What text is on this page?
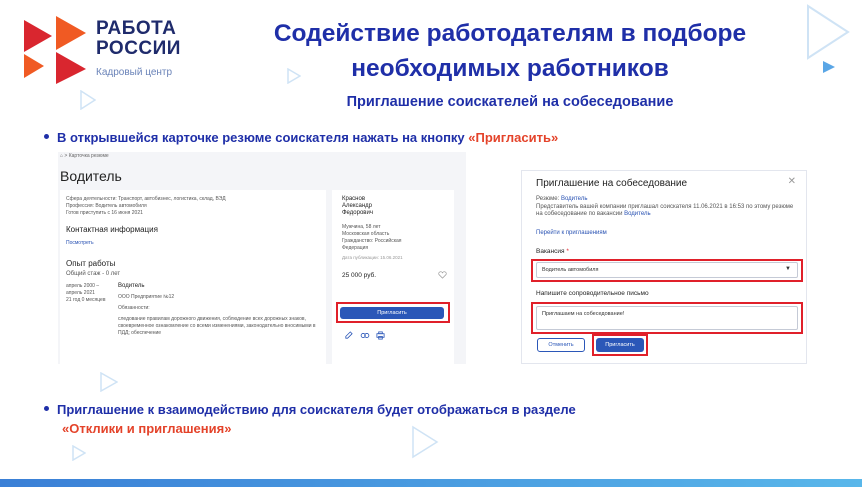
РАБОТА
РОССИИ
Кадровый центр
Содействие работодателям в подборе необходимых работников
Приглашение соискателей на собеседование
В открывшейся карточке резюме соискателя нажать на кнопку «Пригласить»
⌂ > Карточка резюме
Водитель
Сфера деятельности: Транспорт, автобизнес, логистика, склад, ВЭД
Профессия: Водитель автомобиля
Готов приступить с 16 июня 2021
Контактная информация
Посмотреть
Опыт работы
Общий стаж - 0 лет
апрель 2000 – апрель 2021
21 год 0 месяцев
Водитель
ООО Предприятие №12
Обязанности:
следование правилам дорожного движения, соблюдение всех дорожных знаков, своевременное ознакомление со всеми изменениями, законодательно вносимыми в ПДД; обеспечение
Краснов
Александр
Федорович
Мужчина, 58 лет
Московская область
Гражданство: Российская Федерация
Дата публикации: 15.06.2021
25 000 руб.
Пригласить
Приглашение на собеседование	✕
Резюме: Водитель
Представитель вашей компании приглашал соискателя 11.06.2021 в 16:53 по этому резюме на собеседование по вакансии Водитель
Перейти к приглашениям
Вакансия *
Водитель автомобиля	▼
Напишите сопроводительное письмо
Приглашаем на собеседование!
Отменить	Пригласить
Приглашение к взаимодействию для соискателя будет отображаться в разделе
«Отклики и приглашения»
